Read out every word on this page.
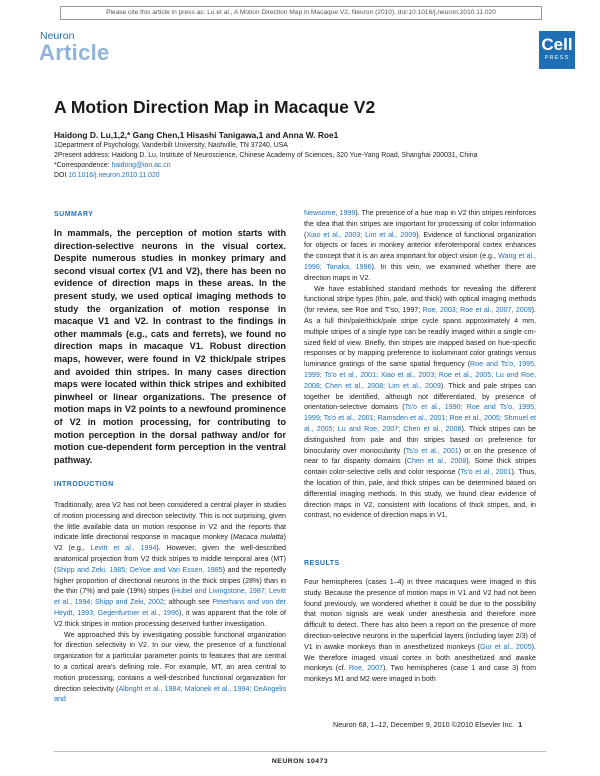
Please cite this article in press as: Lu et al., A Motion Direction Map in Macaque V2, Neuron (2010), doi:10.1016/j.neuron.2010.11.020
Neuron
Article	Cell
PRESS
A Motion Direction Map in Macaque V2
Haidong D. Lu,1,2,* Gang Chen,1 Hisashi Tanigawa,1 and Anna W. Roe1
1Department of Psychology, Vanderbilt University, Nashville, TN 37240, USA
2Present address: Haidong D. Lu, Institute of Neuroscience, Chinese Academy of Sciences, 320 Yue-Yang Road, Shanghai 200031, China
*Correspondence: haidong@ion.ac.cn
DOI 10.1016/j.neuron.2010.11.020
SUMMARY
In mammals, the perception of motion starts with direction-selective neurons in the visual cortex. Despite numerous studies in monkey primary and second visual cortex (V1 and V2), there has been no evidence of direction maps in these areas. In the present study, we used optical imaging methods to study the organization of motion response in macaque V1 and V2. In contrast to the findings in other mammals (e.g., cats and ferrets), we found no direction maps in macaque V1. Robust direction maps, however, were found in V2 thick/pale stripes and avoided thin stripes. In many cases direction maps were located within thick stripes and exhibited pinwheel or linear organizations. The presence of motion maps in V2 points to a newfound prominence of V2 in motion processing, for contributing to motion perception in the dorsal pathway and/or for motion cue-dependent form perception in the ventral pathway.
INTRODUCTION

Traditionally, area V2 has not been considered a central player in studies of motion processing and direction selectivity. This is not surprising, given the little available data on motion response in V2 and the reports that indicate little directional response in macaque monkey (Macaca mulatta) V2 (e.g., Levitt et al., 1994). However, given the well-described anatomical projection from V2 thick stripes to middle temporal area (MT) (Shipp and Zeki, 1985; DeYoe and Van Essen, 1985) and the reportedly higher proportion of directional neurons in the thick stripes (28%) than in the thin (7%) and pale (19%) stripes (Hubel and Livingstone, 1987; Levitt et al., 1994; Shipp and Zeki, 2002; although see Peterhans and von der Heydt, 1993; Gegenfurtner et al., 1996), it was apparent that the role of V2 thick stripes in motion processing deserved further investigation.

We approached this by investigating possible functional organization for direction selectivity in V2. In our view, the presence of a functional organization for a particular parameter points to features that are central to a cortical area's defining role. For example, MT, an area central to motion processing, contains a well-described functional organization for direction selectivity (Albright et al., 1984; Malonek et al., 1994; DeAngelis and

Newsome, 1999). The presence of a hue map in V2 thin stripes reinforces the idea that thin stripes are important for processing of color information (Xiao et al., 2003; Lim et al., 2009). Evidence of functional organization for objects or faces in monkey anterior inferotemporal cortex enhances the concept that it is an area important for object vision (e.g., Wang et al., 1996; Tanaka, 1996). In this vein, we examined whether there are direction maps in V2.

We have established standard methods for revealing the different functional stripe types (thin, pale, and thick) with optical imaging methods (for review, see Roe and T'so, 1997; Roe, 2003; Roe et al., 2007, 2009). As a full thin/pale/thick/pale stripe cycle spans approximately 4 mm, multiple stripes of a single type can be readily imaged within a single cm-sized field of view. Briefly, thin stripes are mapped based on hue-specific responses or by mapping preference to isoluminant color gratings versus luminance gratings of the same spatial frequency (Roe and Ts'o, 1995, 1999; Ts'o et al., 2001; Xiao et al., 2003; Roe et al., 2005; Lu and Roe, 2008; Chen et al., 2008; Lim et al., 2009). Thick and pale stripes can together be identified, although not differentiated, by presence of orientation-selective domains (Ts'o et al., 1990; Roe and Ts'o, 1995, 1999; Ts'o et al., 2001; Ramsden et al., 2001; Roe et al., 2005; Shmuel et al., 2005; Lu and Roe, 2007; Chen et al., 2008). Thick stripes can be distinguished from pale and thin stripes based on preference for binocularity over monocularity (Ts'o et al., 2001) or on the presence of near to far disparity domains (Chen et al., 2008). Some thick stripes contain color-selective cells and color response (Ts'o et al., 2001). Thus, the location of thin, pale, and thick stripes can be determined based on differential imaging methods. In this study, we found clear evidence of direction maps in V2, consistent with locations of thick stripes, and, in contrast, no evidence of direction maps in V1.

RESULTS

Four hemispheres (cases 1–4) in three macaques were imaged in this study. Because the presence of motion maps in V1 and V2 had not been found previously, we wondered whether it could be due to the possibility that motion signals are weak under anesthesia and therefore more difficult to detect. There has also been a report on the presence of more direction-selective neurons in the superficial layers (including layer 2/3) of V1 in awake monkeys than in anesthetized monkeys (Gur et al., 2005). We therefore imaged visual cortex in both anesthetized and awake monkeys (cf. Roe, 2007). Two hemispheres (case 1 and case 3) from monkeys M1 and M2 were imaged in both

Neuron 68, 1–12, December 9, 2010 ©2010 Elsevier Inc. 1
NEURON 10473
